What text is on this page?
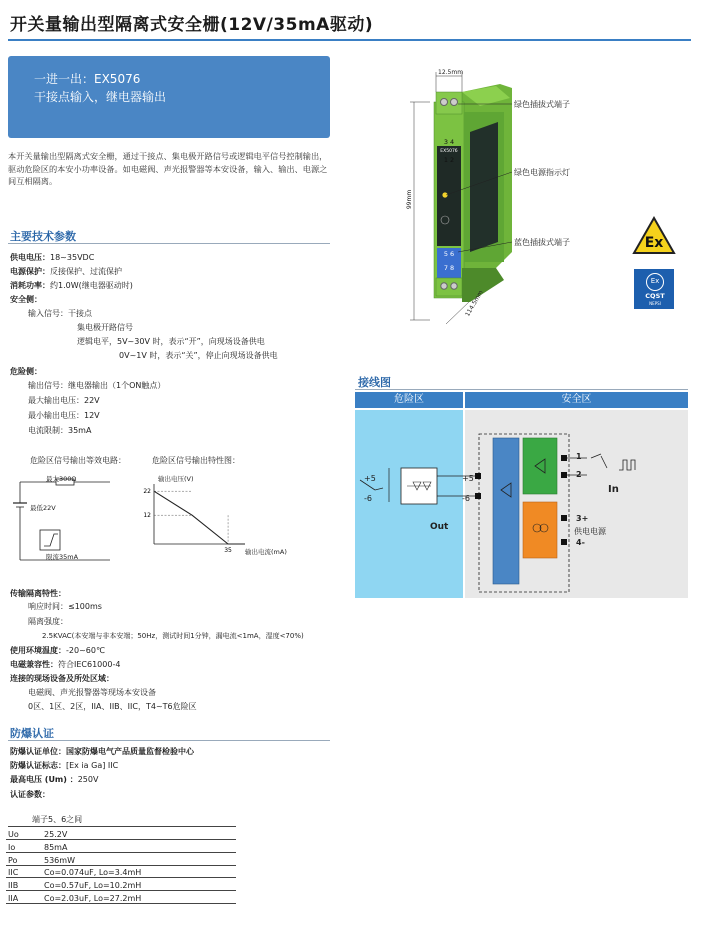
开关量输出型隔离式安全栅(12V/35mA驱动)
一进一出：EX5076
干接点输入，继电器输出
本开关量输出型隔离式安全栅，通过干接点、集电极开路信号或逻辑电平信号控制输出，驱动危险区的本安小功率设备。如电磁阀、声光报警器等本安设备，输入、输出、电源之间互相隔离。
EX5076
3 4
1 2
5 6
7 8
12.5mm
99mm
114.5mm
绿色插拔式端子
绿色电源指示灯
蓝色插拔式端子	Ex
Ex
CQST
NEPSI
主要技术参数
供电电压：18~35VDC
电源保护：反接保护、过流保护
消耗功率：约1.0W(继电器驱动时)
安全侧：
输入信号：干接点
集电极开路信号
逻辑电平，5V~30V 时，表示“开”，向现场设备供电
0V~1V 时，表示“关”，停止向现场设备供电
危险侧：
输出信号：继电器输出（1个ON触点）
最大输出电压：22V
最小输出电压：12V
电流限制：35mA
危险区信号输出等效电路：
最大300Ω
最低22V
限流35mA
危险区信号输出特性图：
输出电压(V)
输出电流(mA)
22
12
35
传输隔离特性：
响应时间：≤100ms
隔离强度：
2.5KVAC(本安端与非本安端；50Hz，测试时间1分钟，漏电流<1mA，湿度<70%)
使用环境温度：-20~60℃
电磁兼容性：符合IEC61000-4
连接的现场设备及所处区域：
电磁阀、声光报警器等现场本安设备
0区、1区、2区，IIA、IIB、IIC，T4~T6危险区
防爆认证
防爆认证单位：国家防爆电气产品质量监督检验中心
防爆认证标志：[Ex ia Ga] IIC
最高电压 (Um) ：250V
认证参数：
端子5、6之间
Uo	25.2V
Io	85mA
Po	536mW
IIC	Co=0.074uF, Lo=3.4mH
IIB	Co=0.57uF, Lo=10.2mH
IIA	Co=2.03uF, Lo=27.2mH
接线图
危险区	安全区
+5
-6
+5
-6
1
2
3+
4-
In
Out	供电电源
